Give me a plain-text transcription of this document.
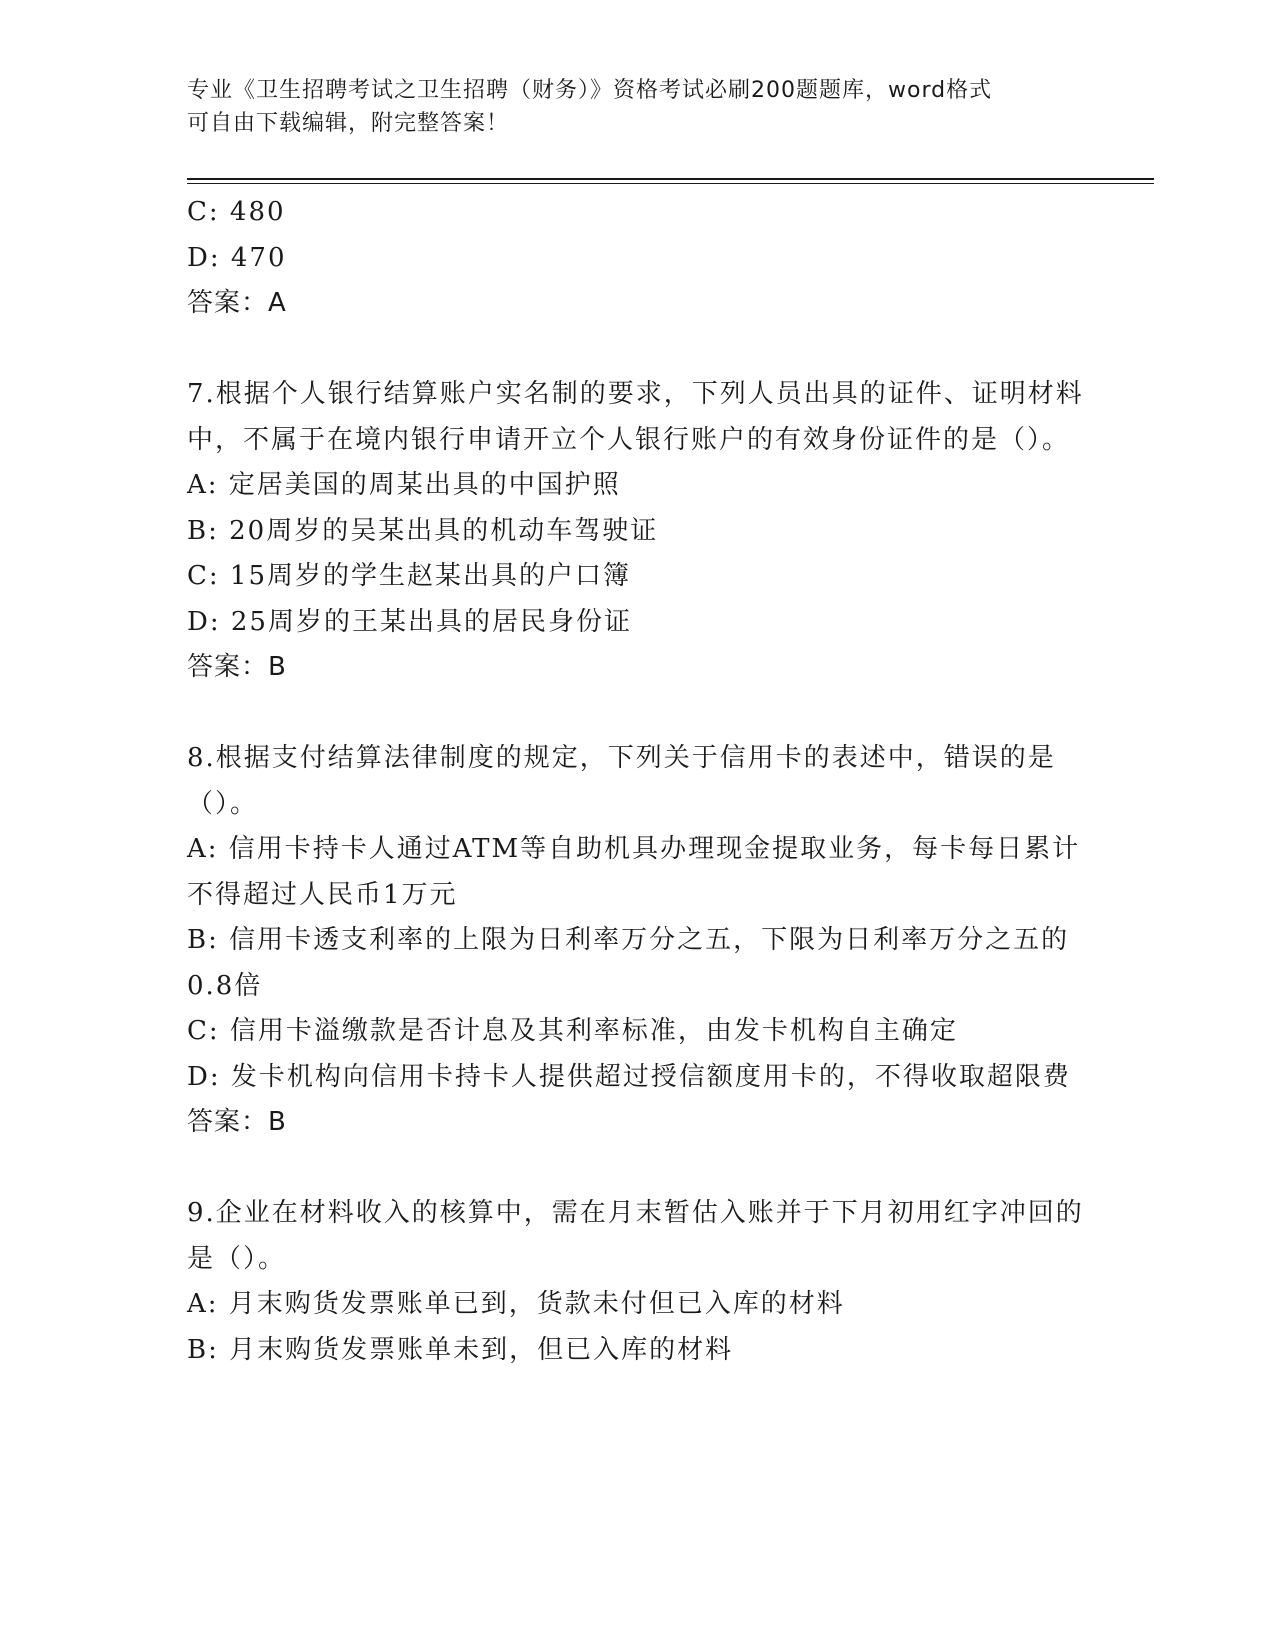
专业《卫生招聘考试之卫生招聘（财务）》资格考试必刷200题题库，word格式
可自由下载编辑，附完整答案！
C: 480
D: 470
答案：A
7.根据个人银行结算账户实名制的要求，下列人员出具的证件、证明材料中，不属于在境内银行申请开立个人银行账户的有效身份证件的是（）。
A: 定居美国的周某出具的中国护照
B: 20周岁的吴某出具的机动车驾驶证
C: 15周岁的学生赵某出具的户口簿
D: 25周岁的王某出具的居民身份证
答案：B
8.根据支付结算法律制度的规定，下列关于信用卡的表述中，错误的是（）。
A: 信用卡持卡人通过ATM等自助机具办理现金提取业务，每卡每日累计不得超过人民币1万元
B: 信用卡透支利率的上限为日利率万分之五，下限为日利率万分之五的0.8倍
C: 信用卡溢缴款是否计息及其利率标准，由发卡机构自主确定
D: 发卡机构向信用卡持卡人提供超过授信额度用卡的，不得收取超限费
答案：B
9.企业在材料收入的核算中，需在月末暂估入账并于下月初用红字冲回的是（）。
A: 月末购货发票账单已到，货款未付但已入库的材料
B: 月末购货发票账单未到，但已入库的材料
